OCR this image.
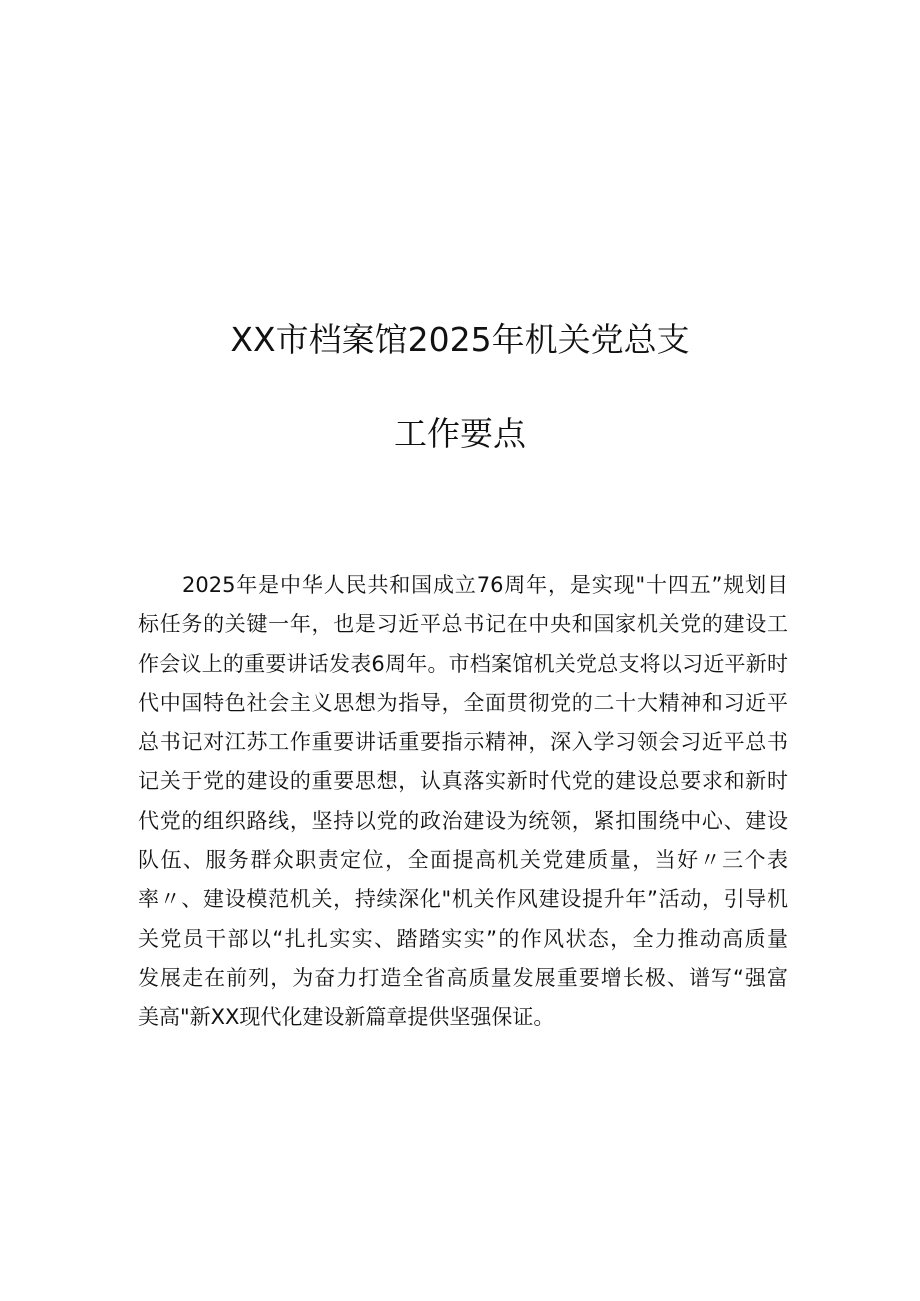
XX市档案馆2025年机关党总支
工作要点
2025年是中华人民共和国成立76周年，是实现"十四五”规划目
标任务的关键一年，也是习近平总书记在中央和国家机关党的建设工
作会议上的重要讲话发表6周年。市档案馆机关党总支将以习近平新时
代中国特色社会主义思想为指导，全面贯彻党的二十大精神和习近平
总书记对江苏工作重要讲话重要指示精神，深入学习领会习近平总书
记关于党的建设的重要思想，认真落实新时代党的建设总要求和新时
代党的组织路线，坚持以党的政治建设为统领，紧扣围绕中心、建设
队伍、服务群众职责定位，全面提高机关党建质量，当好〃三个表
率〃、建设模范机关，持续深化"机关作风建设提升年”活动，引导机
关党员干部以“扎扎实实、踏踏实实”的作风状态，全力推动高质量
发展走在前列，为奋力打造全省高质量发展重要增长极、谱写“强富
美高"新XX现代化建设新篇章提供坚强保证。
